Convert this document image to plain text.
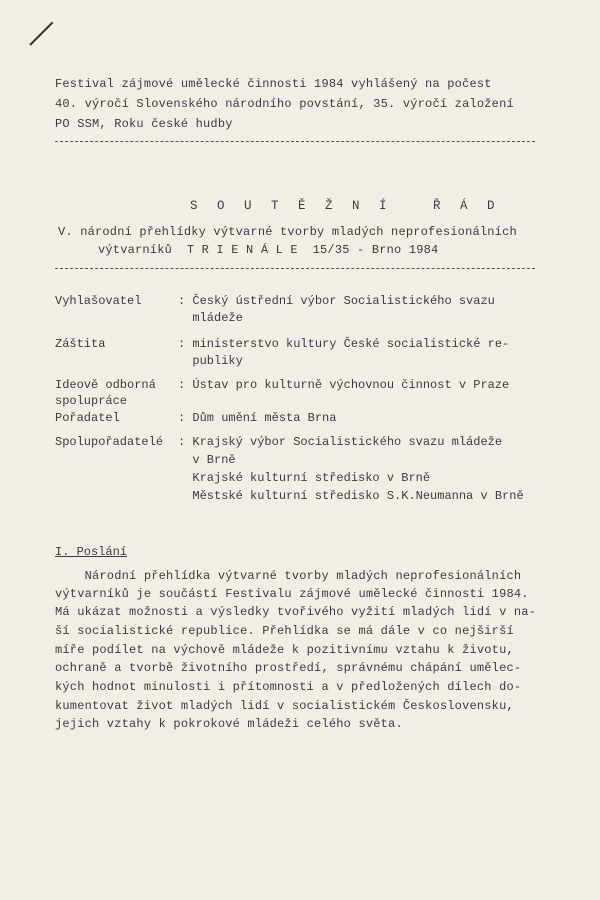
Festival zájmové umělecké činnosti 1984 vyhlášený na počest
40. výročí Slovenského národního povstání, 35. výročí založení
PO SSM, Roku české hudby
S O U T Ě Ž N Í   Ř Á D
V. národní přehlídky výtvarné tvorby mladých neprofesionálních
výtvarníků  T R I E N Á L E  15/35 - Brno 1984
Vyhlašovatel	: Český ústřední výbor Socialistického svazu
mládeže
Záštita	: ministerstvo kultury České socialistické re-
publiky
Ideově odborná
spolupráce
: Ústav pro kulturně výchovnou činnost v Praze
Pořadatel	: Dům umění města Brna
Spolupořadatelé : Krajský výbor Socialistického svazu mládeže
v Brně
Krajské kulturní středisko v Brně
Městské kulturní středisko S.K.Neumanna v Brně
I. Poslání
Národní přehlídka výtvarné tvorby mladých neprofesionálních
výtvarníků je součástí Festivalu zájmové umělecké činnosti 1984.
Má ukázat možnosti a výsledky tvořivého vyžití mladých lidí v na-
ší socialistické republice. Přehlídka se má dále v co nejširší
míře podílet na výchově mládeže k pozitivnímu vztahu k životu,
ochraně a tvorbě životního prostředí, správnému chápání umělec-
kých hodnot minulosti i přítomnosti a v předložených dílech do-
kumentovat život mladých lidí v socialistickém Československu,
jejich vztahy k pokrokové mládeži celého světa.
